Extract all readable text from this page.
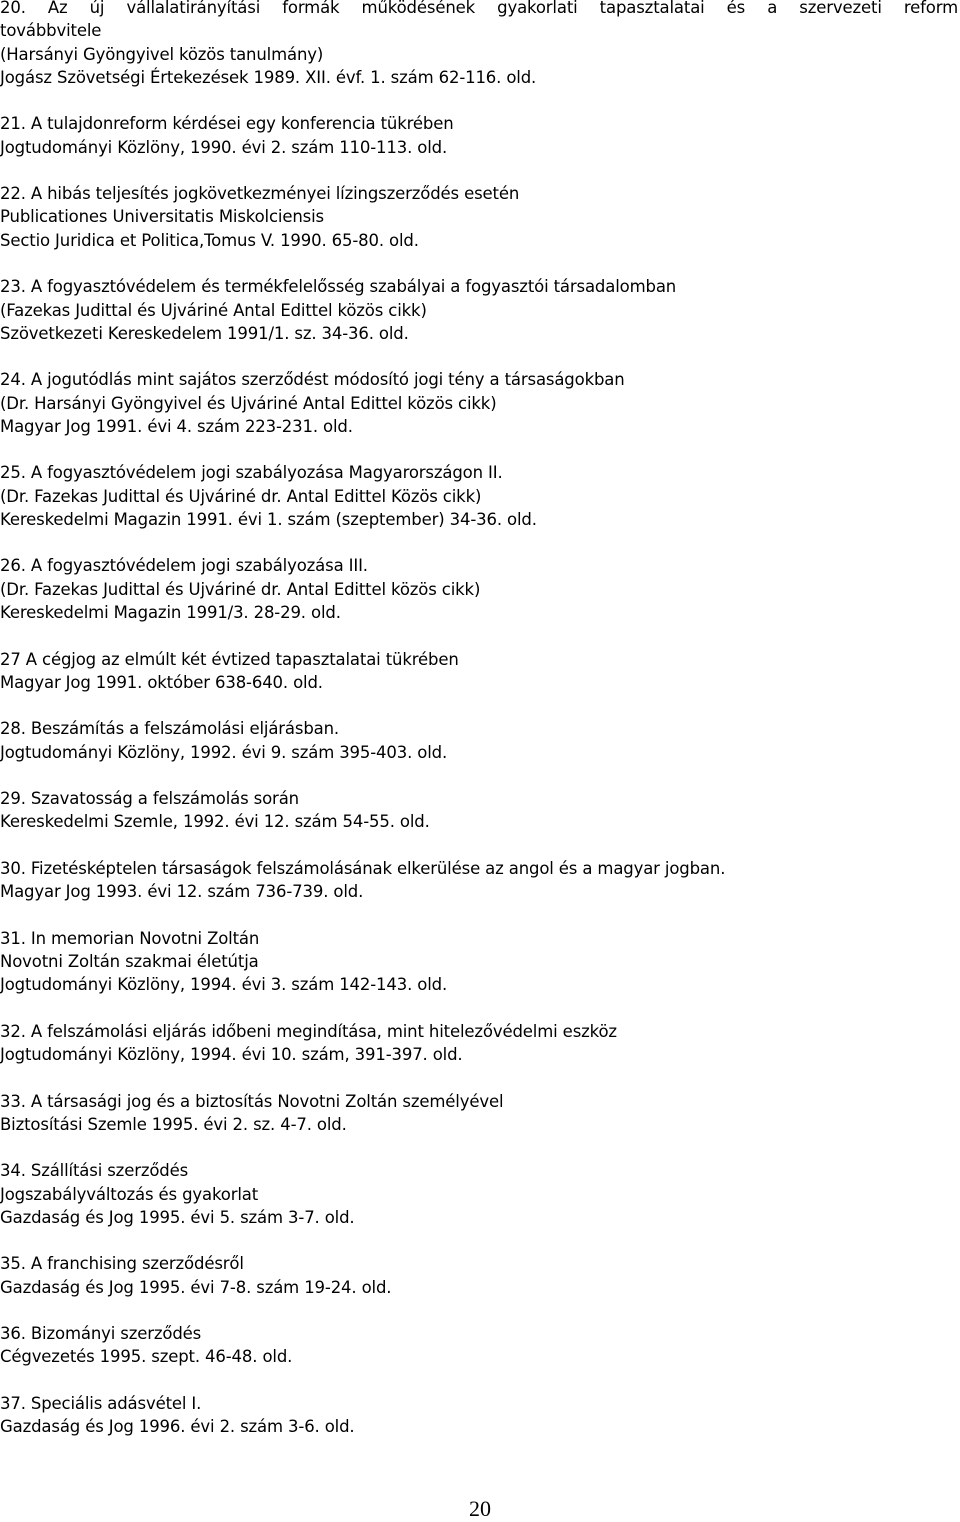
20. Az új vállalatirányítási formák működésének gyakorlati tapasztalatai és a szervezeti reform
továbbvitele
(Harsányi Gyöngyivel közös tanulmány)
Jogász Szövetségi Értekezések 1989. XII. évf. 1. szám 62-116. old.
21. A tulajdonreform kérdései egy konferencia tükrében
Jogtudományi Közlöny, 1990. évi 2. szám 110-113. old.
22. A hibás teljesítés jogkövetkezményei lízingszerződés esetén
Publicationes Universitatis Miskolciensis
Sectio Juridica et Politica,Tomus V. 1990. 65-80. old.
23. A fogyasztóvédelem és termékfelelősség szabályai a fogyasztói társadalomban
(Fazekas Judittal és Ujváriné Antal Edittel közös cikk)
Szövetkezeti Kereskedelem 1991/1. sz. 34-36. old.
24. A jogutódlás mint sajátos szerződést módosító jogi tény a társaságokban
(Dr. Harsányi Gyöngyivel és Ujváriné Antal Edittel közös cikk)
Magyar Jog 1991. évi 4. szám 223-231. old.
25. A fogyasztóvédelem jogi szabályozása Magyarországon II.
(Dr. Fazekas Judittal és Ujváriné dr. Antal Edittel Közös cikk)
Kereskedelmi Magazin 1991. évi 1. szám (szeptember) 34-36. old.
26. A fogyasztóvédelem jogi szabályozása III.
(Dr. Fazekas Judittal és Ujváriné dr. Antal Edittel közös cikk)
Kereskedelmi Magazin 1991/3. 28-29. old.
27 A cégjog az elmúlt két évtized tapasztalatai tükrében
Magyar Jog 1991. október 638-640. old.
28. Beszámítás a felszámolási eljárásban.
Jogtudományi Közlöny, 1992. évi 9. szám 395-403. old.
29. Szavatosság a felszámolás során
Kereskedelmi Szemle, 1992. évi 12. szám 54-55. old.
30. Fizetésképtelen társaságok felszámolásának elkerülése az angol és a magyar jogban.
Magyar Jog 1993. évi 12. szám 736-739. old.
31. In memorian Novotni Zoltán
Novotni Zoltán szakmai életútja
Jogtudományi Közlöny, 1994. évi 3. szám 142-143. old.
32. A felszámolási eljárás időbeni megindítása, mint hitelezővédelmi eszköz
Jogtudományi Közlöny, 1994. évi 10. szám, 391-397. old.
33. A társasági jog és a biztosítás Novotni Zoltán személyével
Biztosítási Szemle 1995. évi 2. sz. 4-7. old.
34. Szállítási szerződés
Jogszabályváltozás és gyakorlat
Gazdaság és Jog 1995. évi 5. szám 3-7. old.
35. A franchising szerződésről
Gazdaság és Jog 1995. évi 7-8. szám 19-24. old.
36. Bizományi szerződés
Cégvezetés 1995. szept. 46-48. old.
37. Speciális adásvétel I.
Gazdaság és Jog 1996. évi 2. szám 3-6. old.
20
